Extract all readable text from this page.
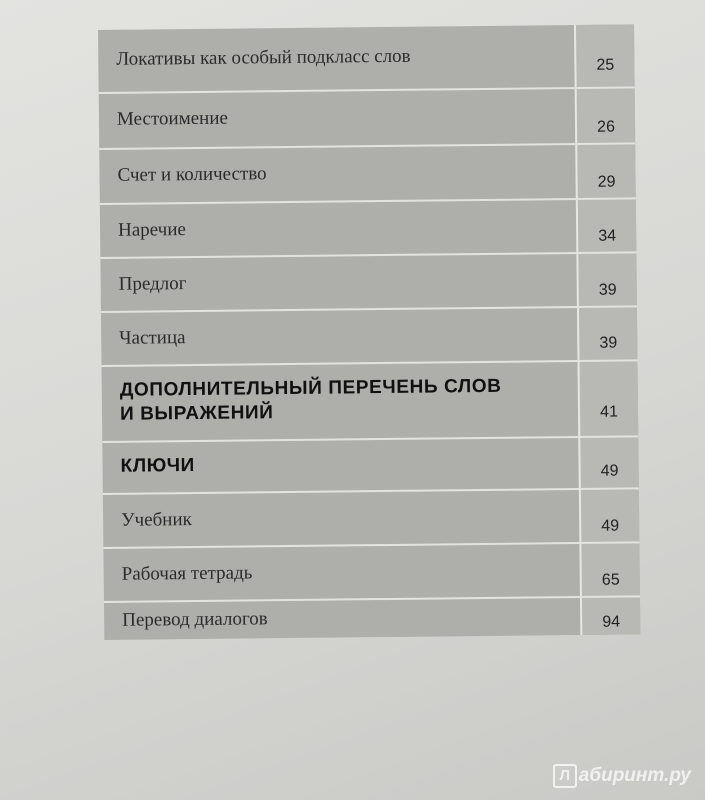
Локативы как особый подкласс слов	25
Местоимение	26
Счет и количество	29
Наречие	34
Предлог	39
Частица	39
ДОПОЛНИТЕЛЬНЫЙ ПЕРЕЧЕНЬ СЛОВ И ВЫРАЖЕНИЙ	41
КЛЮЧИ	49
Учебник	49
Рабочая тетрадь	65
Перевод диалогов	94
Л абиринт.ру
